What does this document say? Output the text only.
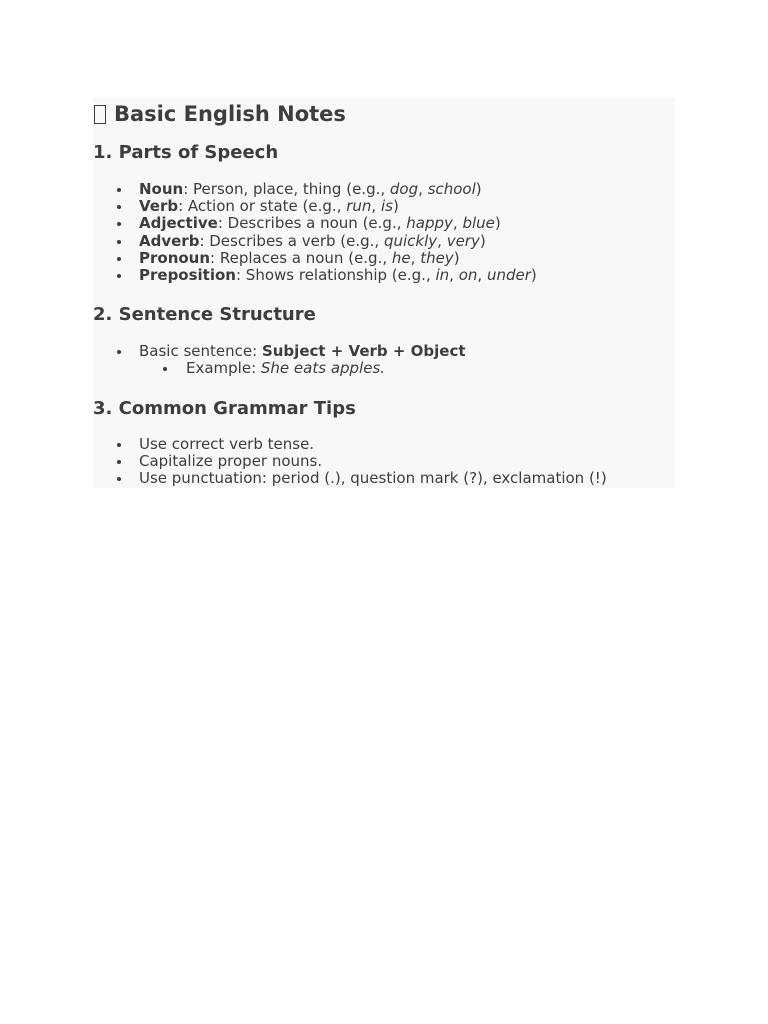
Basic English Notes
1. Parts of Speech
Noun: Person, place, thing (e.g., dog, school)
Verb: Action or state (e.g., run, is)
Adjective: Describes a noun (e.g., happy, blue)
Adverb: Describes a verb (e.g., quickly, very)
Pronoun: Replaces a noun (e.g., he, they)
Preposition: Shows relationship (e.g., in, on, under)
2. Sentence Structure
Basic sentence: Subject + Verb + Object
Example: She eats apples.
3. Common Grammar Tips
Use correct verb tense.
Capitalize proper nouns.
Use punctuation: period (.), question mark (?), exclamation (!)
